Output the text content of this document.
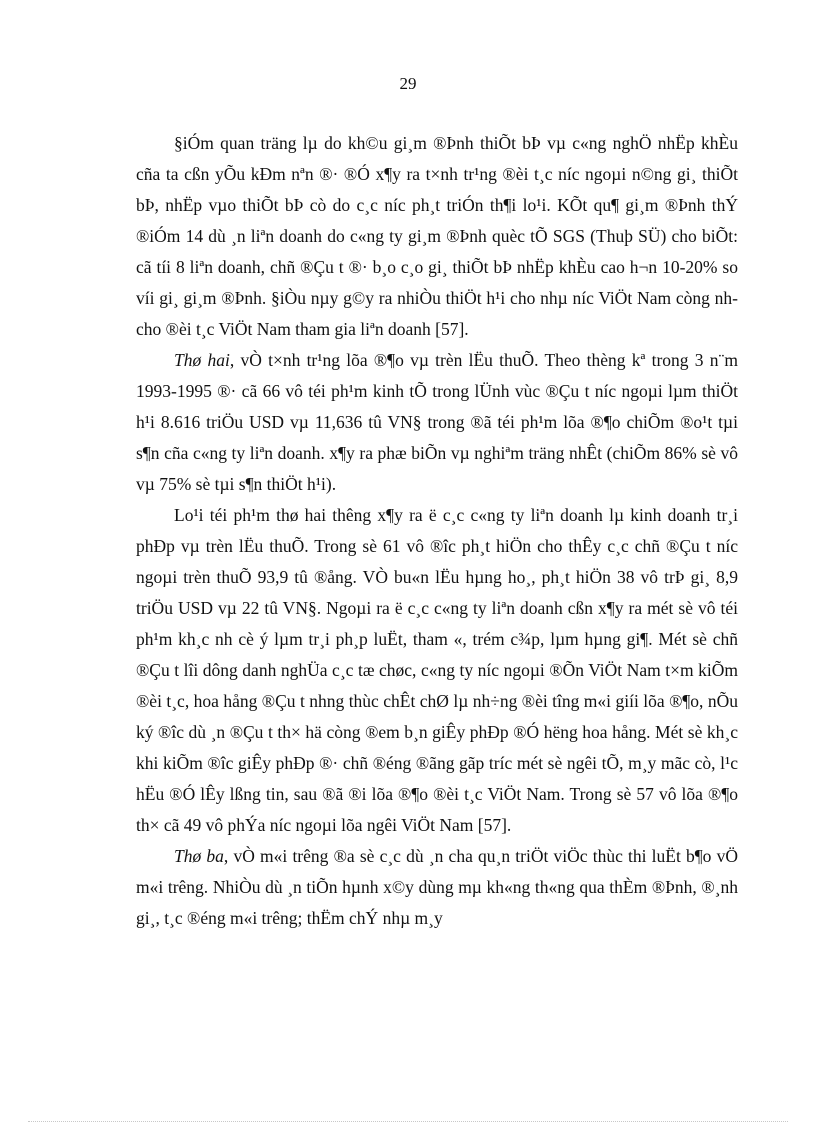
29

§iÓm quan träng lµ do kh©u gi¸m ®Þnh thiÕt bÞ vµ c«ng nghÖ nhËp khÈu cña ta cßn yÕu kÐm nªn ®· ®Ó x¶y ra t×nh tr¹ng ®èi t¸c níc ngoµi n©ng gi¸ thiÕt bÞ, nhËp vµo thiÕt bÞ cò do c¸c níc ph¸t triÓn th¶i lo¹i. KÕt qu¶ gi¸m ®Þnh thÝ ®iÓm 14 dù ¸n liªn doanh do c«ng ty gi¸m ®Þnh quèc tÕ SGS (Thuþ SÜ) cho biÕt: cã tíi 8 liªn doanh, chñ ®Çu t ®· b¸o c¸o gi¸ thiÕt bÞ nhËp khÈu cao h¬n 10-20% so víi gi¸ gi¸m ®Þnh. §iÒu nµy g©y ra nhiÒu thiÖt h¹i cho nhµ níc ViÖt Nam còng nh cho ®èi t¸c ViÖt Nam tham gia liªn doanh [57].

Thø hai, vÒ t×nh tr¹ng lõa ®¶o vµ trèn lËu thuÕ. Theo thèng kª trong 3 n¨m 1993-1995 ®· cã 66 vô téi ph¹m kinh tÕ trong lÜnh vùc ®Çu t níc ngoµi lµm thiÖt h¹i 8.616 triÖu USD vµ 11,636 tû VN§ trong ®ã téi ph¹m lõa ®¶o chiÕm ®o¹t tµi s¶n cña c«ng ty liªn doanh. x¶y ra phæ biÕn vµ nghiªm träng nhÊt (chiÕm 86% sè vô vµ 75% sè tµi s¶n thiÖt h¹i).

Lo¹i téi ph¹m thø hai thêng x¶y ra ë c¸c c«ng ty liªn doanh lµ kinh doanh tr¸i phÐp vµ trèn lËu thuÕ. Trong sè 61 vô ®îc ph¸t hiÖn cho thÊy c¸c chñ ®Çu t níc ngoµi trèn thuÕ 93,9 tû ®ång. VÒ bu«n lËu hµng ho¸, ph¸t hiÖn 38 vô trÞ gi¸ 8,9 triÖu USD vµ 22 tû VN§. Ngoµi ra ë c¸c c«ng ty liªn doanh cßn x¶y ra mét sè vô téi ph¹m kh¸c nh cè ý lµm tr¸i ph¸p luËt, tham «, trém c¾p, lµm hµng gi¶. Mét sè chñ ®Çu t lîi dông danh nghÜa c¸c tæ chøc, c«ng ty níc ngoµi ®Õn ViÖt Nam t×m kiÕm ®èi t¸c, hoa hång ®Çu t nhng thùc chÊt chØ lµ nh÷ng ®èi tîng m«i giíi lõa ®¶o, nÕu ký ®îc dù ¸n ®Çu t th× hä còng ®em b¸n giÊy phÐp ®Ó hëng hoa hång. Mét sè kh¸c khi kiÕm ®îc giÊy phÐp ®· chñ ®éng ®ãng gãp tríc mét sè ngêi tÕ, m¸y mãc cò, l¹c hËu ®Ó lÊy lßng tin, sau ®ã ®i lõa ®¶o ®èi t¸c ViÖt Nam. Trong sè 57 vô lõa ®¶o th× cã 49 vô phÝa níc ngoµi lõa ngêi ViÖt Nam [57].

Thø ba, vÒ m«i trêng ®a sè c¸c dù ¸n cha qu¸n triÖt viÖc thùc thi luËt b¶o vÖ m«i trêng. NhiÒu dù ¸n tiÕn hµnh x©y dùng mµ kh«ng th«ng qua thÈm ®Þnh, ®¸nh gi¸, t¸c ®éng m«i trêng; thËm chÝ nhµ m¸y
